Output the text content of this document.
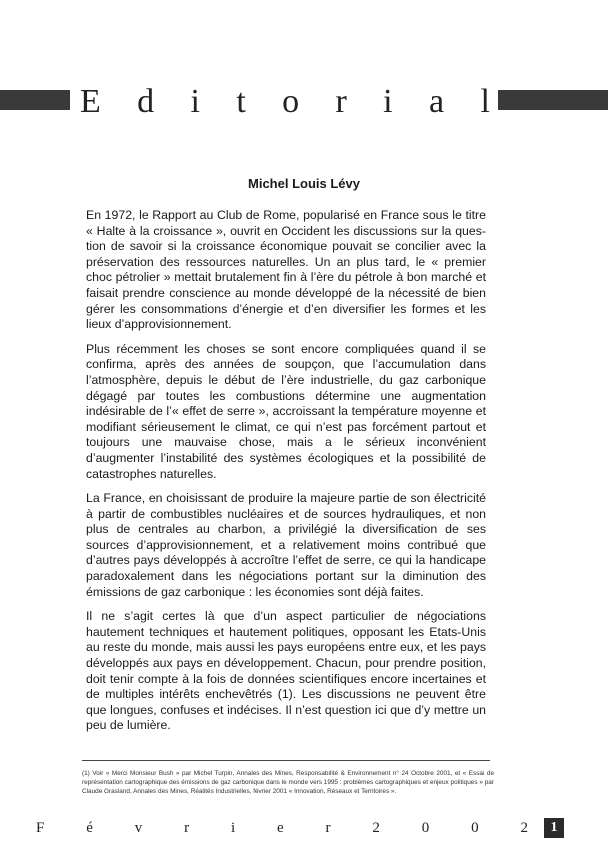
E d i t o r i a l
Michel Louis Lévy

En 1972, le Rapport au Club de Rome, popularisé en France sous le titre « Halte à la croissance », ouvrit en Occident les discussions sur la question de savoir si la croissance économique pouvait se concilier avec la préservation des ressources naturelles. Un an plus tard, le « premier choc pétrolier » mettait brutalement fin à l’ère du pétrole à bon marché et faisait prendre conscience au monde développé de la nécessité de bien gérer les consommations d’énergie et d’en diversifier les formes et les lieux d’approvisionnement.

Plus récemment les choses se sont encore compliquées quand il se confirma, après des années de soupçon, que l’accumulation dans l’atmosphère, depuis le début de l’ère industrielle, du gaz carbonique dégagé par toutes les combustions détermine une augmentation indésirable de l’« effet de serre », accroissant la température moyenne et modifiant sérieusement le climat, ce qui n’est pas forcément partout et toujours une mauvaise chose, mais a le sérieux inconvénient d’augmenter l’instabilité des systèmes écologiques et la possibilité de catastrophes naturelles.

La France, en choisissant de produire la majeure partie de son électricité à partir de combustibles nucléaires et de sources hydrauliques, et non plus de centrales au charbon, a privilégié la diversification de ses sources d’approvisionnement, et a relativement moins contribué que d’autres pays développés à accroître l’effet de serre, ce qui la handicape paradoxalement dans les négociations portant sur la diminution des émissions de gaz carbonique : les économies sont déjà faites.

Il ne s’agit certes là que d’un aspect particulier de négociations hautement techniques et hautement politiques, opposant les Etats-Unis au reste du monde, mais aussi les pays européens entre eux, et les pays développés aux pays en développement. Chacun, pour prendre position, doit tenir compte à la fois de données scientifiques encore incertaines et de multiples intérêts enchevêtrés (1). Les discussions ne peuvent être que longues, confuses et indécises. Il n’est question ici que d’y mettre un peu de lumière.

(1) Voir « Merci Monsieur Bush » par Michel Turpin, Annales des Mines, Responsabilité & Environnement n° 24 Octobre 2001, et « Essai de représentation cartographique des émissions de gaz carbonique dans le monde vers 1995 : problèmes cartographiques et enjeux politiques » par Claude Grasland, Annales des Mines, Réalités Industrielles, février 2001 « Innovation, Réseaux et Territoires ».
F	é	v	r	i	e	r	2	0	0	2	1
